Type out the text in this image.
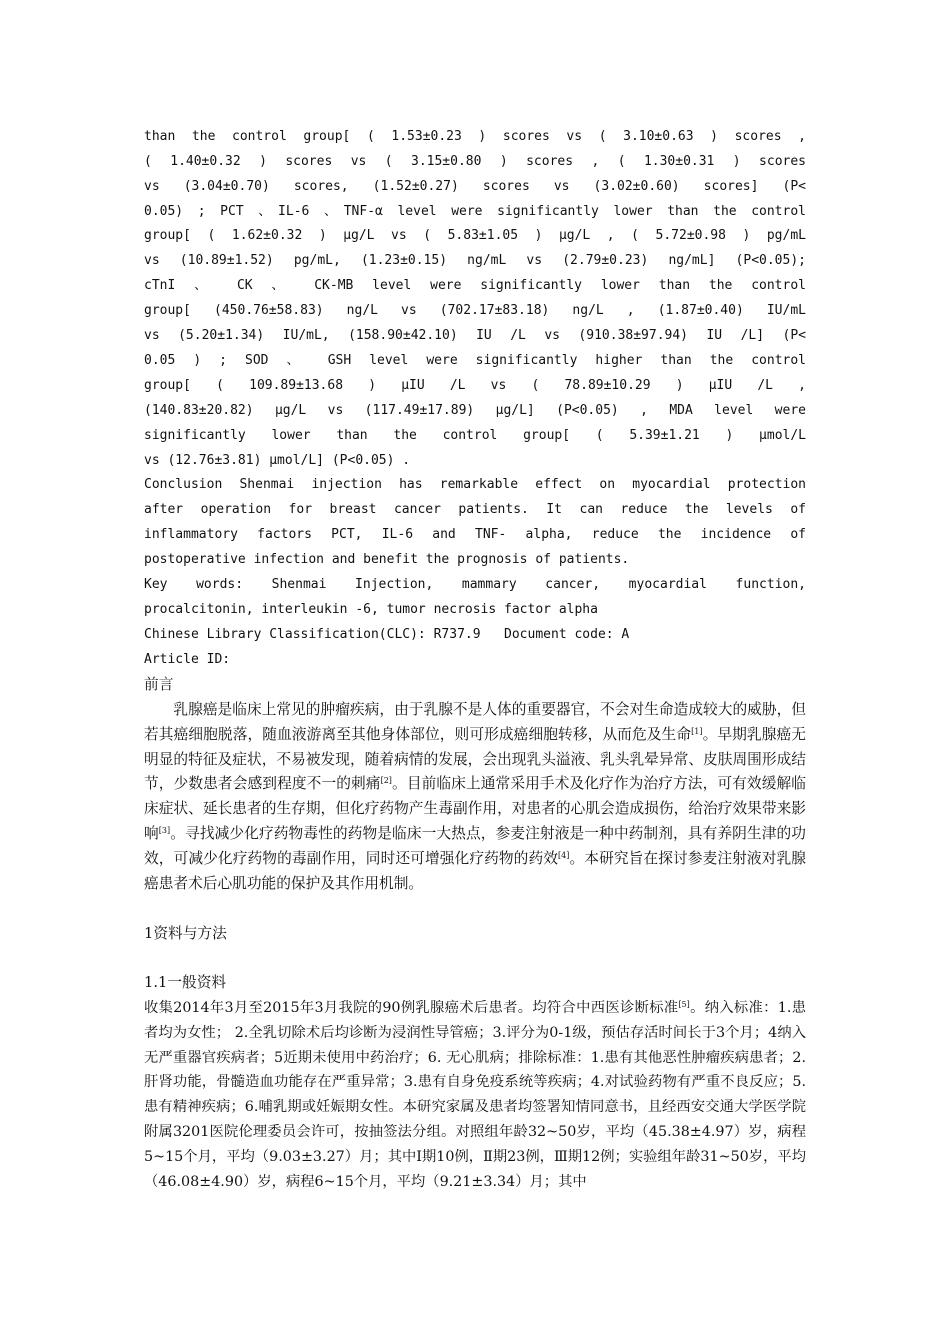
than the control group[ ( 1.53±0.23 ) scores vs ( 3.10±0.63 ) scores ,

( 1.40±0.32 ) scores vs ( 3.15±0.80 ) scores , ( 1.30±0.31 ) scores

vs (3.04±0.70) scores, (1.52±0.27) scores vs (3.02±0.60) scores] (P<

0.05) ; PCT 、IL-6 、TNF-α level were significantly lower than the control

group[ ( 1.62±0.32 ) μg/L vs ( 5.83±1.05 ) μg/L , ( 5.72±0.98 ) pg/mL

vs (10.89±1.52) pg/mL, (1.23±0.15) ng/mL vs (2.79±0.23) ng/mL] (P<0.05);

cTnI 、 CK 、 CK-MB level were significantly lower than the control

group[ (450.76±58.83) ng/L vs (702.17±83.18) ng/L , (1.87±0.40) IU/mL

vs (5.20±1.34) IU/mL, (158.90±42.10) IU /L vs (910.38±97.94) IU /L] (P<

0.05 ) ; SOD 、 GSH level were significantly higher than the control

group[ ( 109.89±13.68 ) μIU /L vs ( 78.89±10.29 ) μIU /L ,

(140.83±20.82) μg/L vs (117.49±17.89) μg/L] (P<0.05) , MDA level were

significantly lower than the control group[ ( 5.39±1.21 ) μmol/L

vs (12.76±3.81) μmol/L] (P<0.05) .

Conclusion Shenmai injection has remarkable effect on myocardial protection

after operation for breast cancer patients. It can reduce the levels of

inflammatory factors PCT, IL-6 and TNF- alpha, reduce the incidence of

postoperative infection and benefit the prognosis of patients.

Key words: Shenmai Injection, mammary cancer, myocardial function,

procalcitonin, interleukin -6, tumor necrosis factor alpha

Chinese Library Classification(CLC): R737.9   Document code: A

Article ID:

前言

乳腺癌是临床上常见的肿瘤疾病，由于乳腺不是人体的重要器官，不会对生命造成较大的威胁，但若其癌细胞脱落，随血液游离至其他身体部位，则可形成癌细胞转移，从而危及生命[1]。早期乳腺癌无明显的特征及症状，不易被发现，随着病情的发展，会出现乳头溢液、乳头乳晕异常、皮肤周围形成结节，少数患者会感到程度不一的刺痛[2]。目前临床上通常采用手术及化疗作为治疗方法，可有效缓解临床症状、延长患者的生存期，但化疗药物产生毒副作用，对患者的心肌会造成损伤，给治疗效果带来影响[3]。寻找减少化疗药物毒性的药物是临床一大热点，参麦注射液是一种中药制剂，具有养阴生津的功效，可减少化疗药物的毒副作用，同时还可增强化疗药物的药效[4]。本研究旨在探讨参麦注射液对乳腺癌患者术后心肌功能的保护及其作用机制。

1资料与方法

1.1一般资料

收集2014年3月至2015年3月我院的90例乳腺癌术后患者。均符合中西医诊断标准[5]。纳入标准：1.患者均为女性； 2.全乳切除术后均诊断为浸润性导管癌；3.评分为0-1级，预估存活时间长于3个月；4纳入无严重器官疾病者；5近期未使用中药治疗；6. 无心肌病；排除标准：1.患有其他恶性肿瘤疾病患者；2. 肝肾功能，骨髓造血功能存在严重异常；3.患有自身免疫系统等疾病；4.对试验药物有严重不良反应；5.患有精神疾病；6.哺乳期或妊娠期女性。本研究家属及患者均签署知情同意书，且经西安交通大学医学院附属3201医院伦理委员会许可，按抽签法分组。对照组年龄32~50岁，平均（45.38±4.97）岁，病程5~15个月，平均（9.03±3.27）月；其中Ⅰ期10例，Ⅱ期23例，Ⅲ期12例；实验组年龄31~50岁，平均（46.08±4.90）岁，病程6~15个月，平均（9.21±3.34）月；其中
